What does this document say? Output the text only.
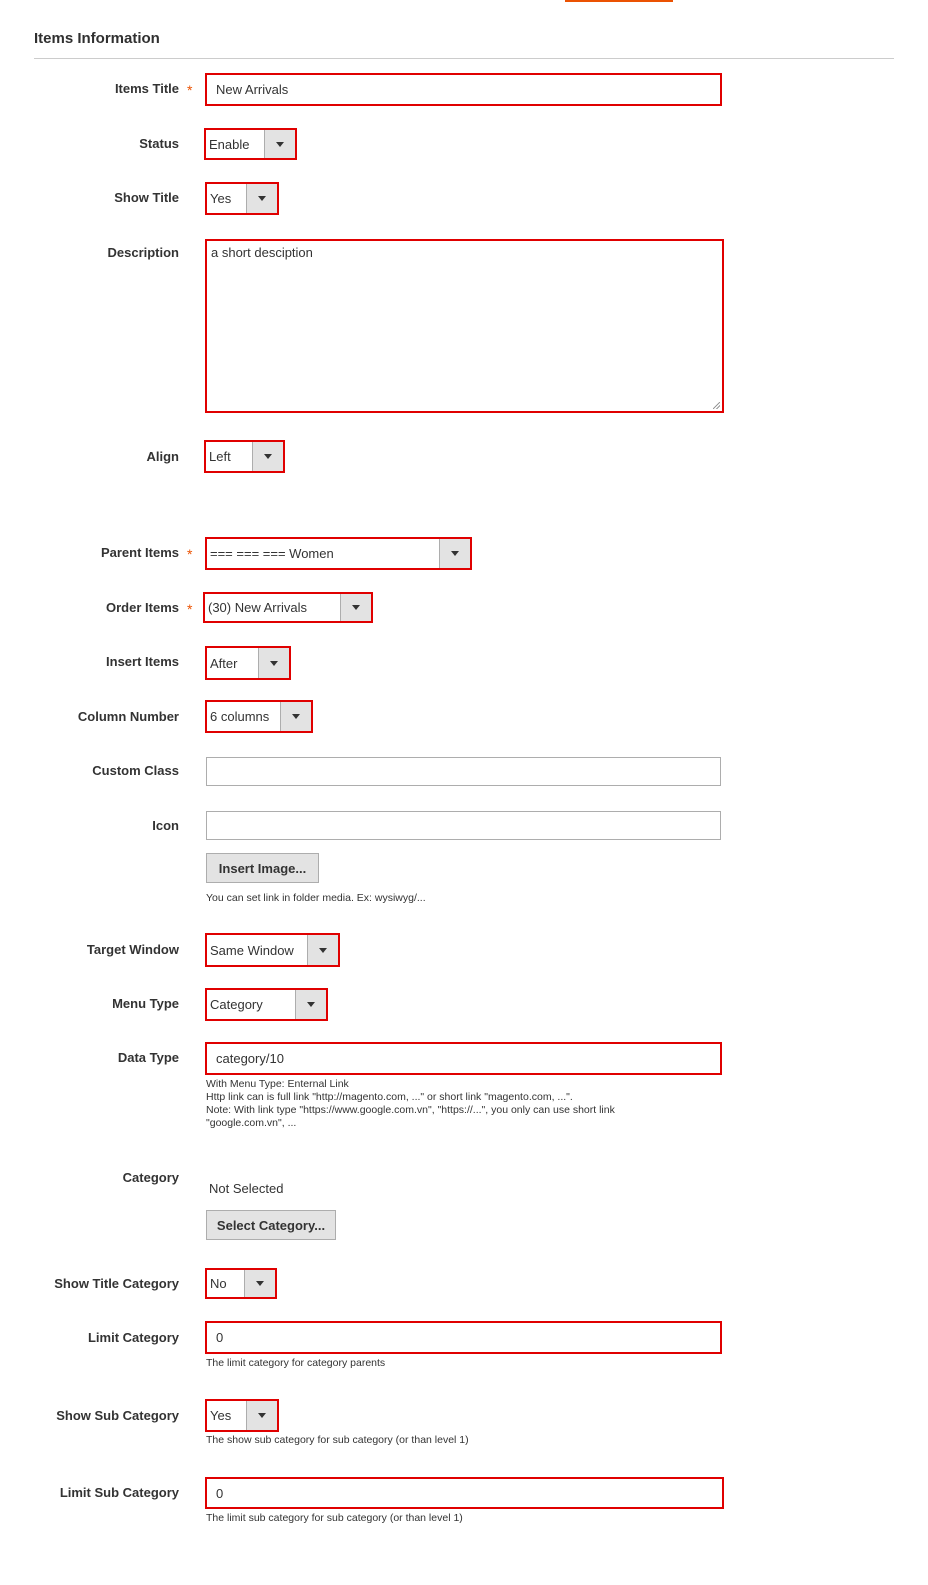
Items Information
Items Title * New Arrivals
Status Enable
Show Title Yes
Description a short desciption
Align Left
Parent Items * === === === Women
Order Items * (30) New Arrivals
Insert Items After
Column Number 6 columns
Custom Class
Icon
Insert Image...
You can set link in folder media. Ex: wysiwyg/...
Target Window Same Window
Menu Type Category
Data Type	category/10
With Menu Type: Enternal Link
Http link can is full link "http://magento.com, ..." or short link "magento.com, ...".
Note: With link type "https://www.google.com.vn", "https://...", you only can use short link
"google.com.vn", ...
Category
Not Selected
Select Category...
Show Title Category No
Limit Category	0
The limit category for category parents
Show Sub Category Yes
The show sub category for sub category (or than level 1)
Limit Sub Category	0
The limit sub category for sub category (or than level 1)
